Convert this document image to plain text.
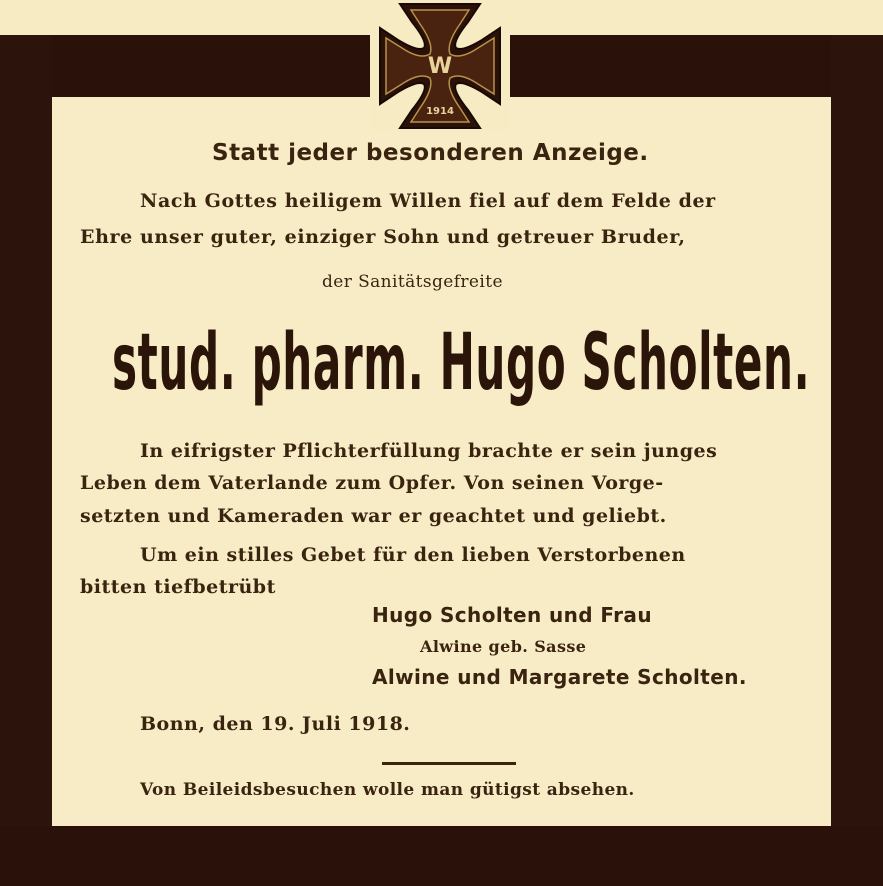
W
1914
Statt jeder besonderen Anzeige.
Nach Gottes heiligem Willen fiel auf dem Felde der
Ehre unser guter, einziger Sohn und getreuer Bruder,
der Sanitätsgefreite
stud. pharm. Hugo Scholten.
In eifrigster Pflichterfüllung brachte er sein junges
Leben dem Vaterlande zum Opfer. Von seinen Vorge-
setzten und Kameraden war er geachtet und geliebt.
Um ein stilles Gebet für den lieben Verstorbenen
bitten tiefbetrübt
Hugo Scholten und Frau
Alwine geb. Sasse
Alwine und Margarete Scholten.
Bonn, den 19. Juli 1918.
Von Beileidsbesuchen wolle man gütigst absehen.
